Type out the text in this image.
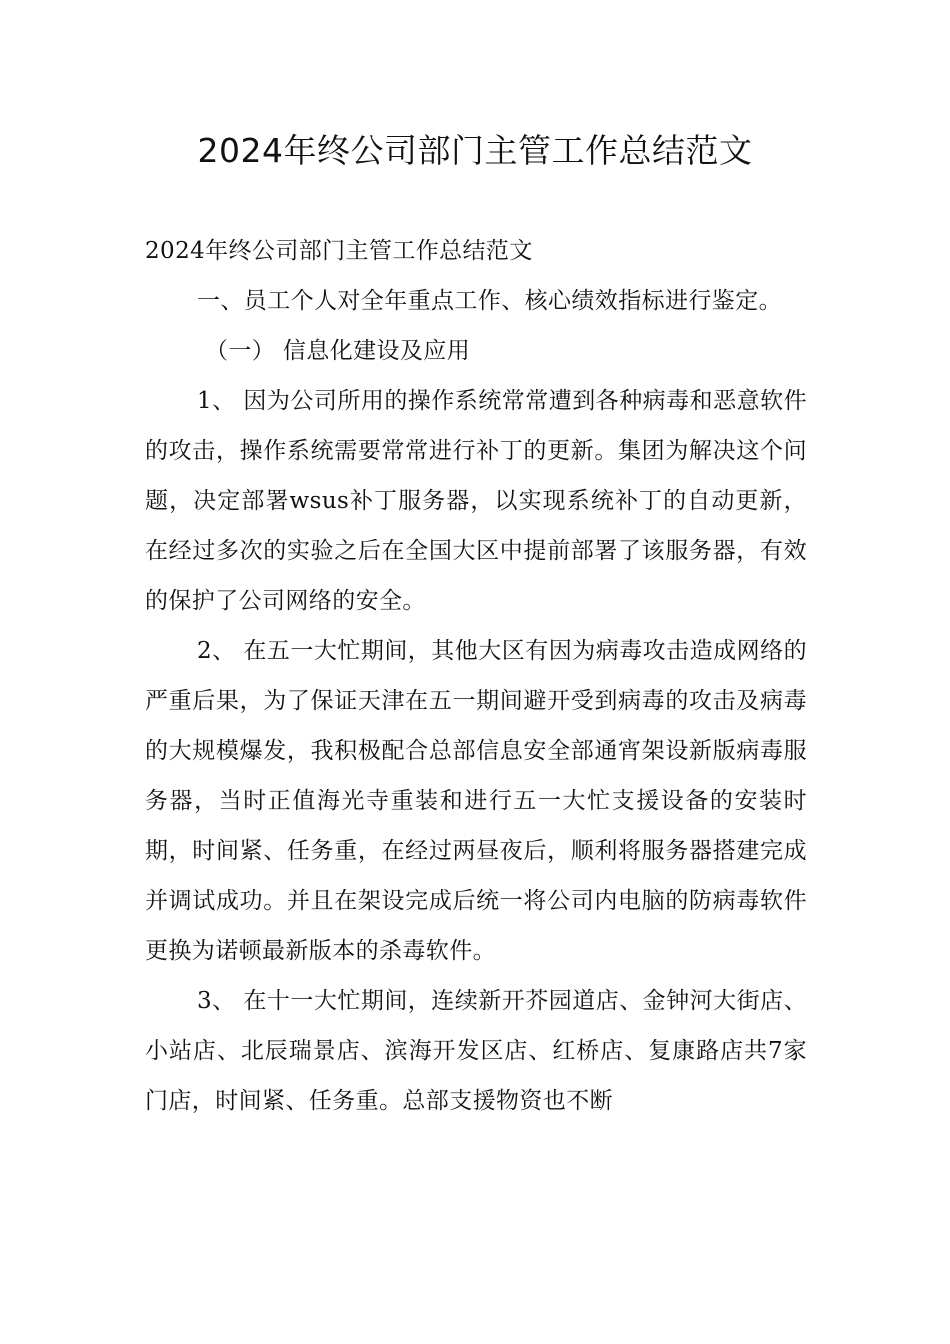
2024年终公司部门主管工作总结范文

2024年终公司部门主管工作总结范文

一、员工个人对全年重点工作、核心绩效指标进行鉴定。

（一） 信息化建设及应用

1、 因为公司所用的操作系统常常遭到各种病毒和恶意软件的攻击，操作系统需要常常进行补丁的更新。集团为解决这个问题，决定部署wsus补丁服务器，以实现系统补丁的自动更新，在经过多次的实验之后在全国大区中提前部署了该服务器，有效的保护了公司网络的安全。

2、 在五一大忙期间，其他大区有因为病毒攻击造成网络的严重后果，为了保证天津在五一期间避开受到病毒的攻击及病毒的大规模爆发，我积极配合总部信息安全部通宵架设新版病毒服务器，当时正值海光寺重装和进行五一大忙支援设备的安装时期，时间紧、任务重，在经过两昼夜后，顺利将服务器搭建完成并调试成功。并且在架设完成后统一将公司内电脑的防病毒软件更换为诺顿最新版本的杀毒软件。

3、 在十一大忙期间，连续新开芥园道店、金钟河大街店、小站店、北辰瑞景店、滨海开发区店、红桥店、复康路店共7家门店，时间紧、任务重。总部支援物资也不断
